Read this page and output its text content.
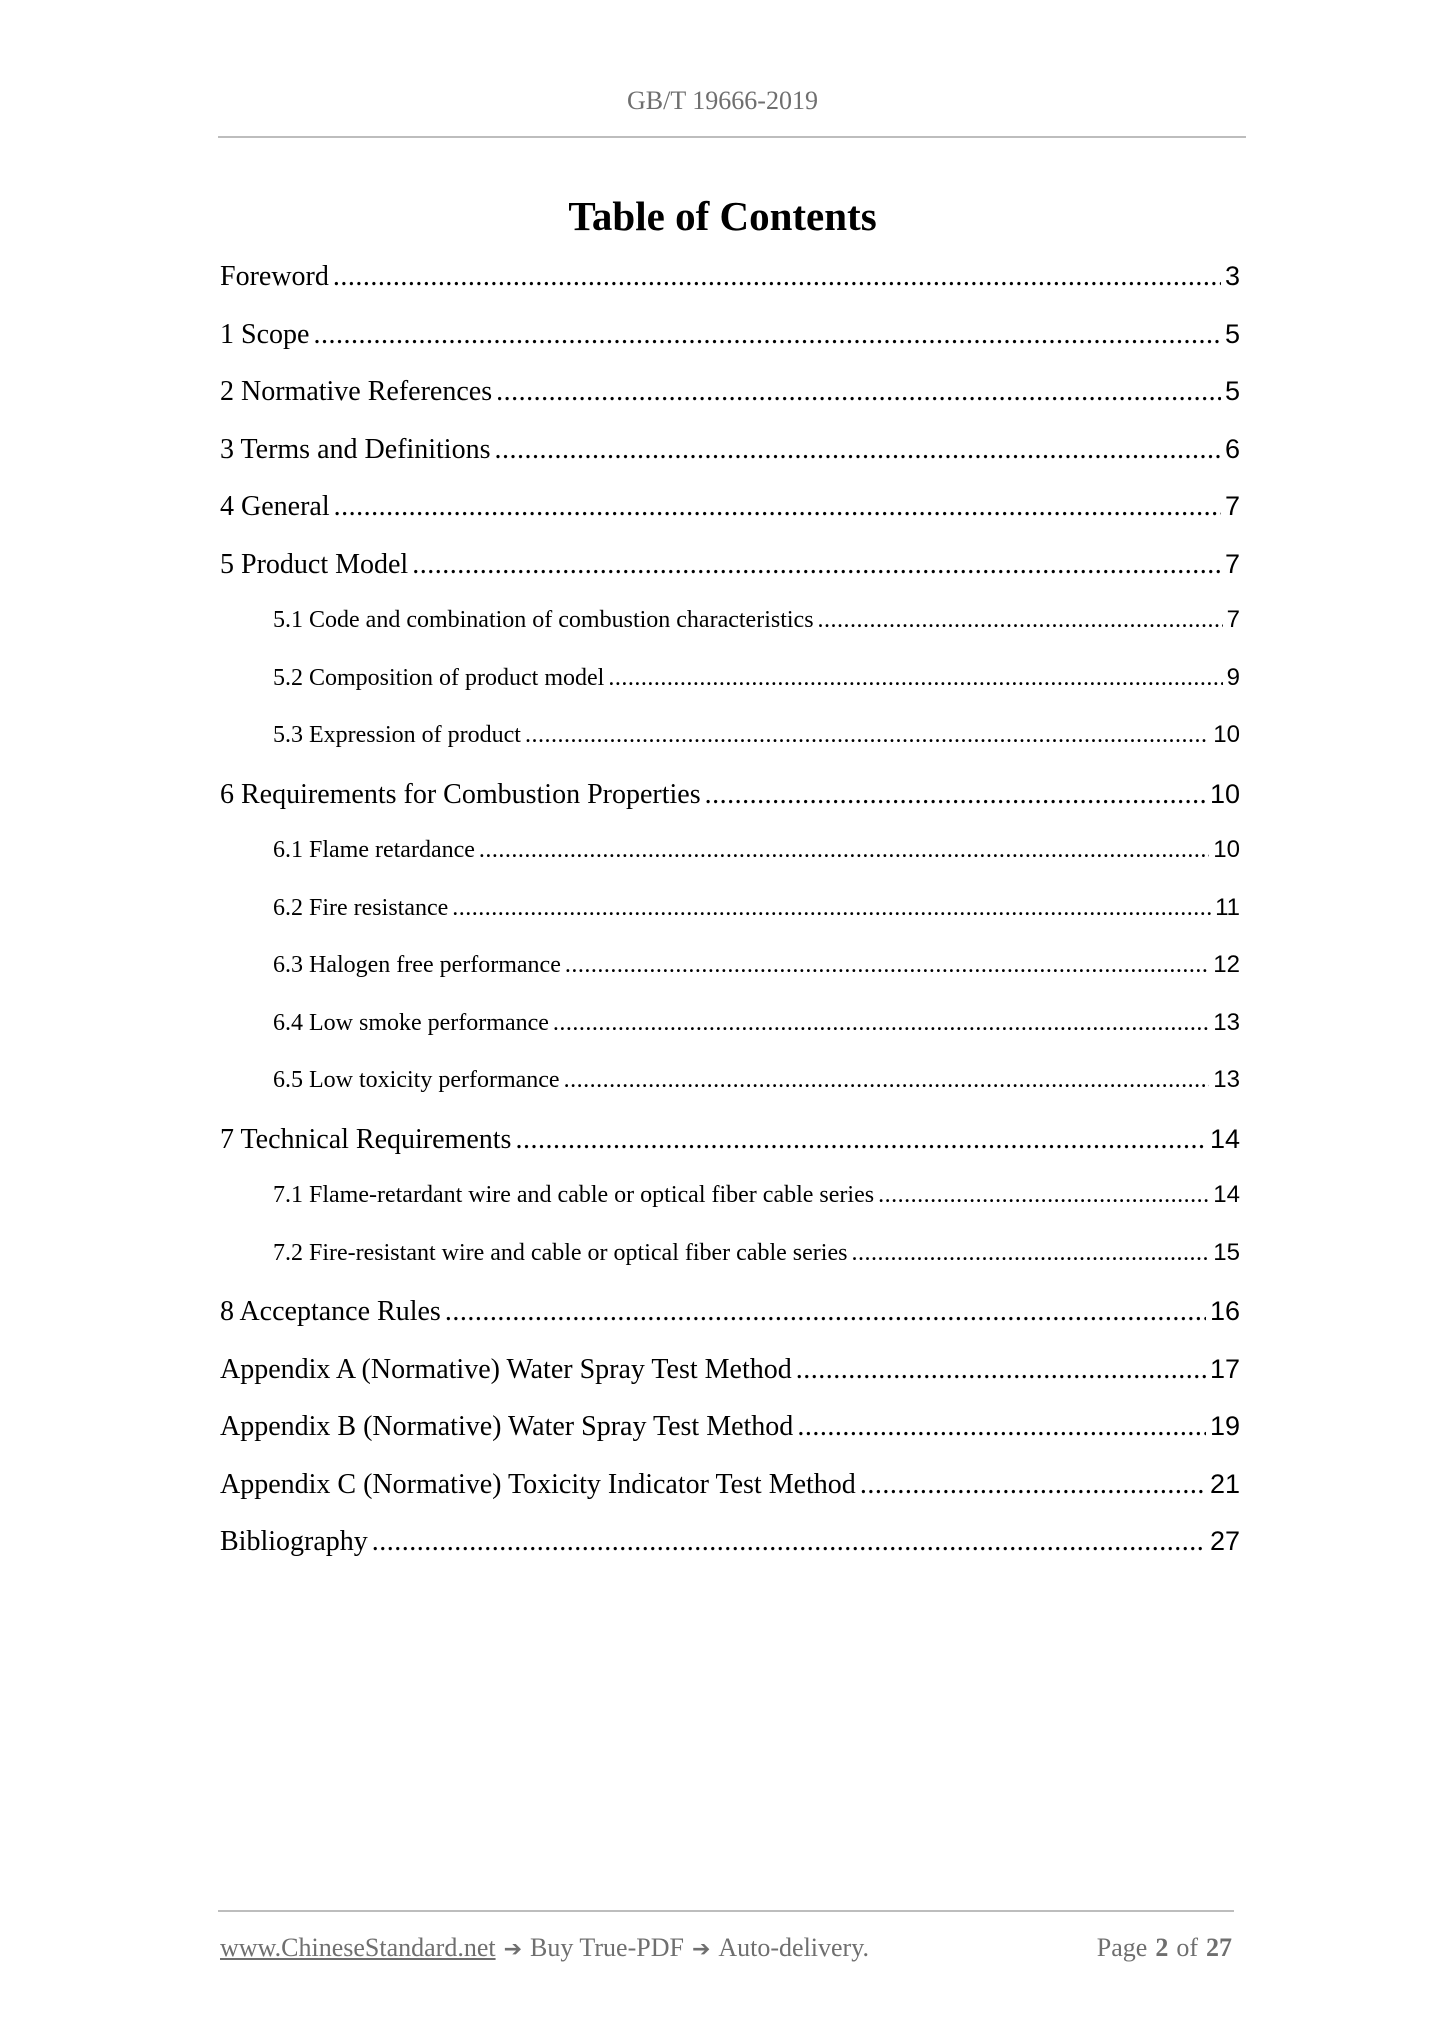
GB/T 19666-2019
Table of Contents
Foreword .....	3
1 Scope .....	5
2 Normative References .....	5
3 Terms and Definitions .....	6
4 General .....	7
5 Product Model .....	7
5.1 Code and combination of combustion characteristics .....	7
5.2 Composition of product model .....	9
5.3 Expression of product .....	10
6 Requirements for Combustion Properties .....	10
6.1 Flame retardance .....	10
6.2 Fire resistance .....	11
6.3 Halogen free performance .....	12
6.4 Low smoke performance .....	13
6.5 Low toxicity performance .....	13
7 Technical Requirements .....	14
7.1 Flame-retardant wire and cable or optical fiber cable series .....	14
7.2 Fire-resistant wire and cable or optical fiber cable series .....	15
8 Acceptance Rules .....	16
Appendix A (Normative) Water Spray Test Method .....	17
Appendix B (Normative) Water Spray Test Method .....	19
Appendix C (Normative) Toxicity Indicator Test Method .....	21
Bibliography .....	27
www.ChineseStandard.net ➔ Buy True-PDF ➔ Auto-delivery.	Page 2 of 27
